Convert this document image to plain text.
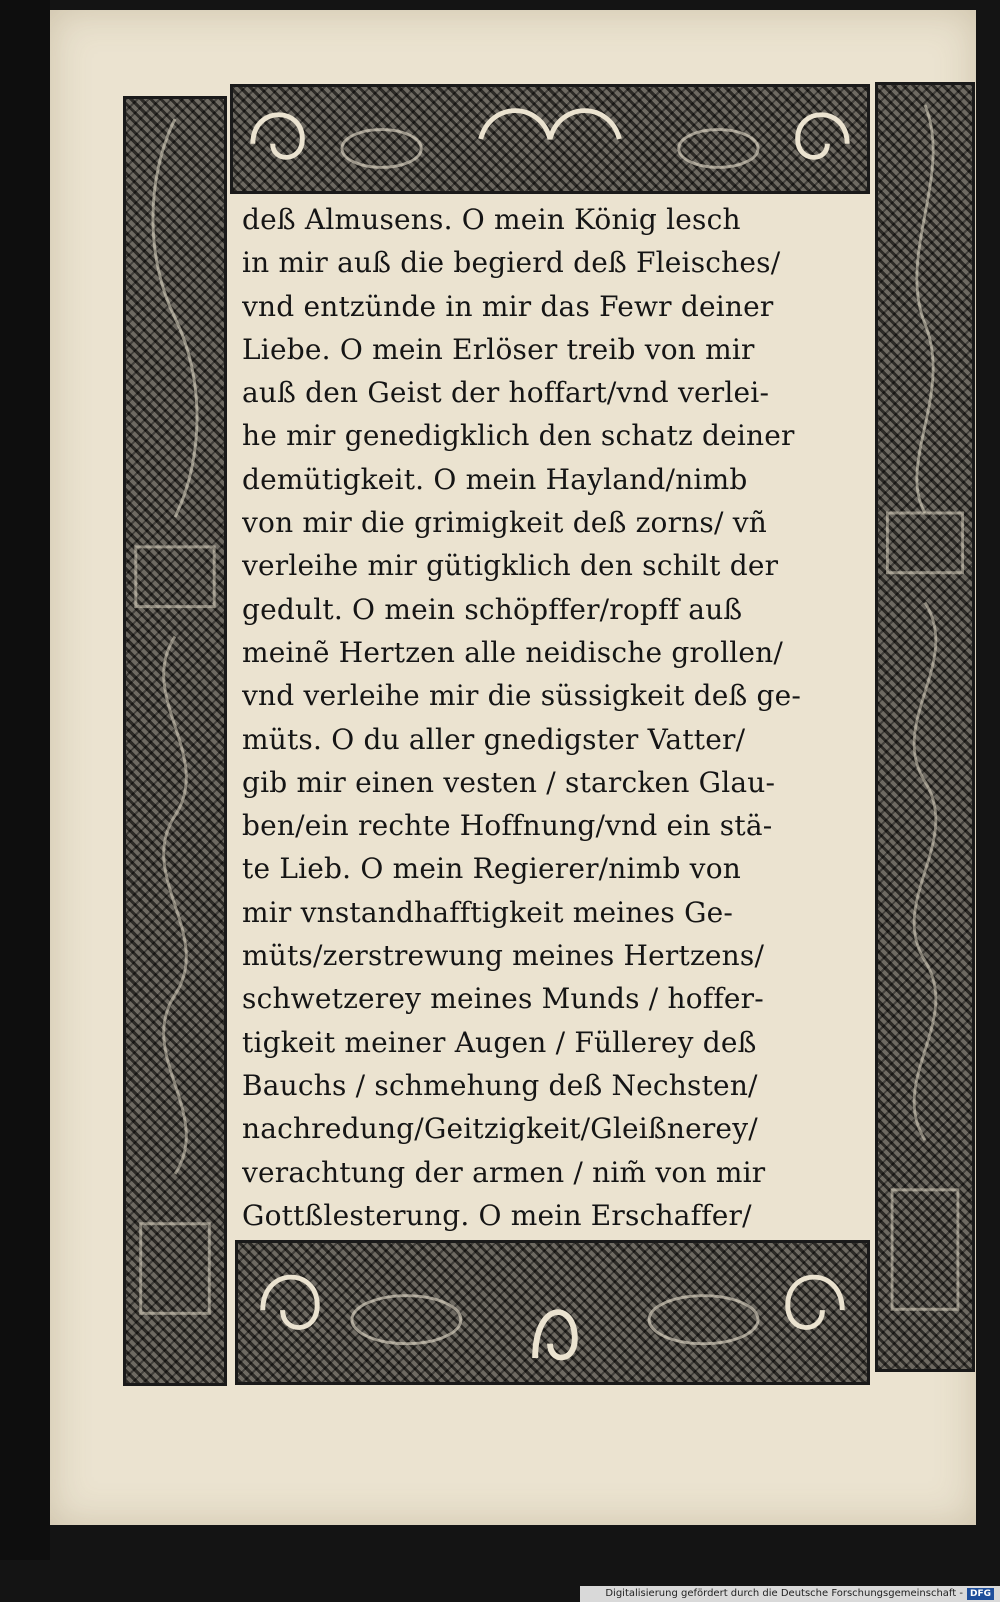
deß Almusens. O mein König lesch
in mir auß die begierd deß Fleisches/
vnd entzünde in mir das Fewr deiner
Liebe. O mein Erlöser treib von mir
auß den Geist der hoffart/vnd verlei-
he mir genedigklich den schatz deiner
demütigkeit. O mein Hayland/nimb
von mir die grimigkeit deß zorns/ vñ
verleihe mir gütigklich den schilt der
gedult. O mein schöpffer/ropff auß
meinẽ Hertzen alle neidische grollen/
vnd verleihe mir die süssigkeit deß ge-
müts. O du aller gnedigster Vatter/
gib mir einen vesten / starcken Glau-
ben/ein rechte Hoffnung/vnd ein stä-
te Lieb. O mein Regierer/nimb von
mir vnstandhafftigkeit meines Ge-
müts/zerstrewung meines Hertzens/
schwetzerey meines Munds / hoffer-
tigkeit meiner Augen / Füllerey deß
Bauchs / schmehung deß Nechsten/
nachredung/Geitzigkeit/Gleißnerey/
verachtung der armen / nim̃ von mir
Gottßlesterung. O mein Erschaffer/
Digitalisierung gefördert durch die Deutsche Forschungsgemeinschaft - DFG
